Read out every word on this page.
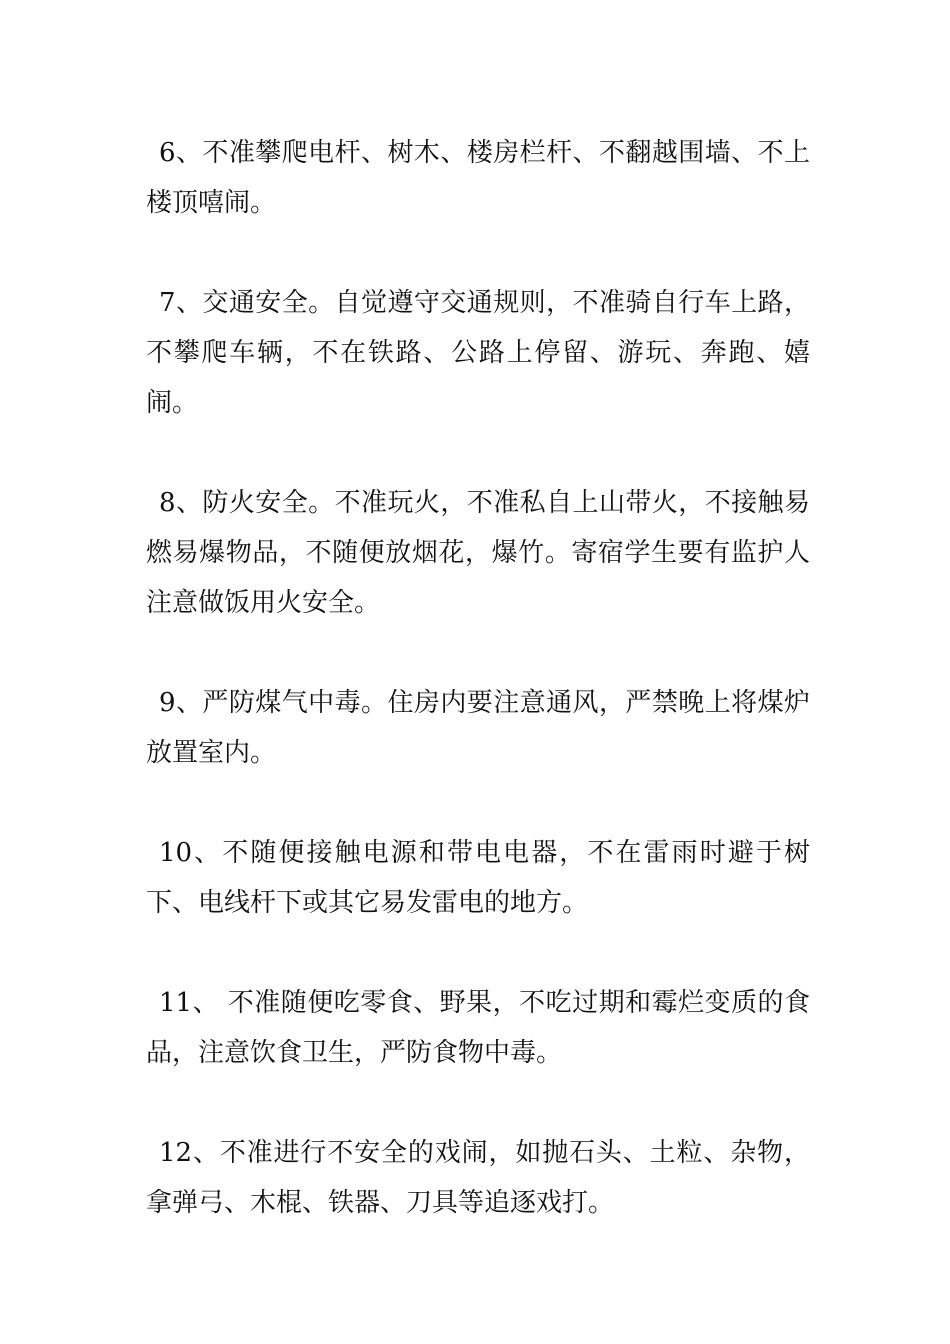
6、不准攀爬电杆、树木、楼房栏杆、不翻越围墙、不上楼顶嘻闹。

7、交通安全。自觉遵守交通规则，不准骑自行车上路，不攀爬车辆，不在铁路、公路上停留、游玩、奔跑、嬉闹。

8、防火安全。不准玩火，不准私自上山带火，不接触易燃易爆物品，不随便放烟花，爆竹。寄宿学生要有监护人注意做饭用火安全。

9、严防煤气中毒。住房内要注意通风，严禁晚上将煤炉放置室内。

10、不随便接触电源和带电电器，不在雷雨时避于树下、电线杆下或其它易发雷电的地方。

11、 不准随便吃零食、野果，不吃过期和霉烂变质的食品，注意饮食卫生，严防食物中毒。

12、不准进行不安全的戏闹，如抛石头、土粒、杂物，拿弹弓、木棍、铁器、刀具等追逐戏打。
